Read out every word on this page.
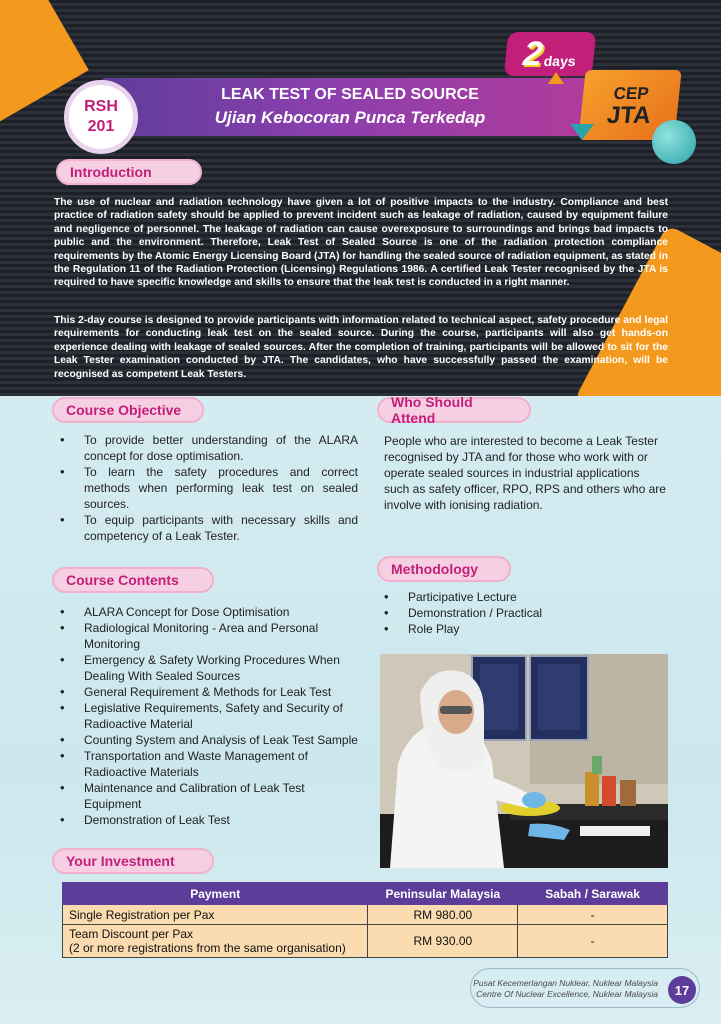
LEAK TEST OF SEALED SOURCE
Ujian Kebocoran Punca Terkedap
RSH
201
2
days
CEP
JTA
Introduction

The use of nuclear and radiation technology have given a lot of positive impacts to the industry. Compliance and best practice of radiation safety should be applied to prevent incident such as leakage of radiation, caused by equipment failure and negligence of personnel. The leakage of radiation can cause overexposure to surroundings and brings bad impacts to public and the environment. Therefore, Leak Test of Sealed Source is one of the radiation protection compliance requirements by the Atomic Energy Licensing Board (JTA) for handling the sealed source of radiation equipment, as stated in the Regulation 11 of the Radiation Protection (Licensing) Regulations 1986. A certified Leak Tester recognised by the JTA is required to have specific knowledge and skills to ensure that the leak test is conducted in a right manner.

This 2-day course is designed to provide participants with information related to technical aspect, safety procedure and legal requirements for conducting leak test on the sealed source. During the course, participants will also get hands-on experience dealing with leakage of sealed sources. After the completion of training, participants will be allowed to sit for the Leak Tester examination conducted by JTA. The candidates, who have successfully passed the examination, will be recognised as competent Leak Testers.

Course Objective
• To provide better understanding of the ALARA concept for dose optimisation.
• To learn the safety procedures and correct methods when performing leak test on sealed sources.
• To equip participants with necessary skills and competency of a Leak Tester.
Who Should Attend

People who are interested to become a Leak Tester recognised by JTA and for those who work with or operate sealed sources in industrial applications such as safety officer, RPO, RPS and others who are involve with ionising radiation.

Methodology
• Participative Lecture
• Demonstration / Practical
• Role Play
Course Contents
• ALARA Concept for Dose Optimisation
• Radiological Monitoring - Area and Personal Monitoring
• Emergency & Safety Working Procedures When Dealing With Sealed Sources
• General Requirement & Methods for Leak Test
• Legislative Requirements, Safety and Security of Radioactive Material
• Counting System and Analysis of Leak Test Sample
• Transportation and Waste Management of Radioactive Materials
• Maintenance and Calibration of Leak Test Equipment
• Demonstration of Leak Test
Your Investment
Payment	Peninsular Malaysia	Sabah / Sarawak
Single Registration per Pax	RM 980.00	-

Team Discount per Pax
(2 or more registrations from the same organisation)	RM 930.00	-
Pusat Kecemerlangan Nuklear, Nuklear Malaysia
Centre Of Nuclear Excellence, Nuklear Malaysia	17
